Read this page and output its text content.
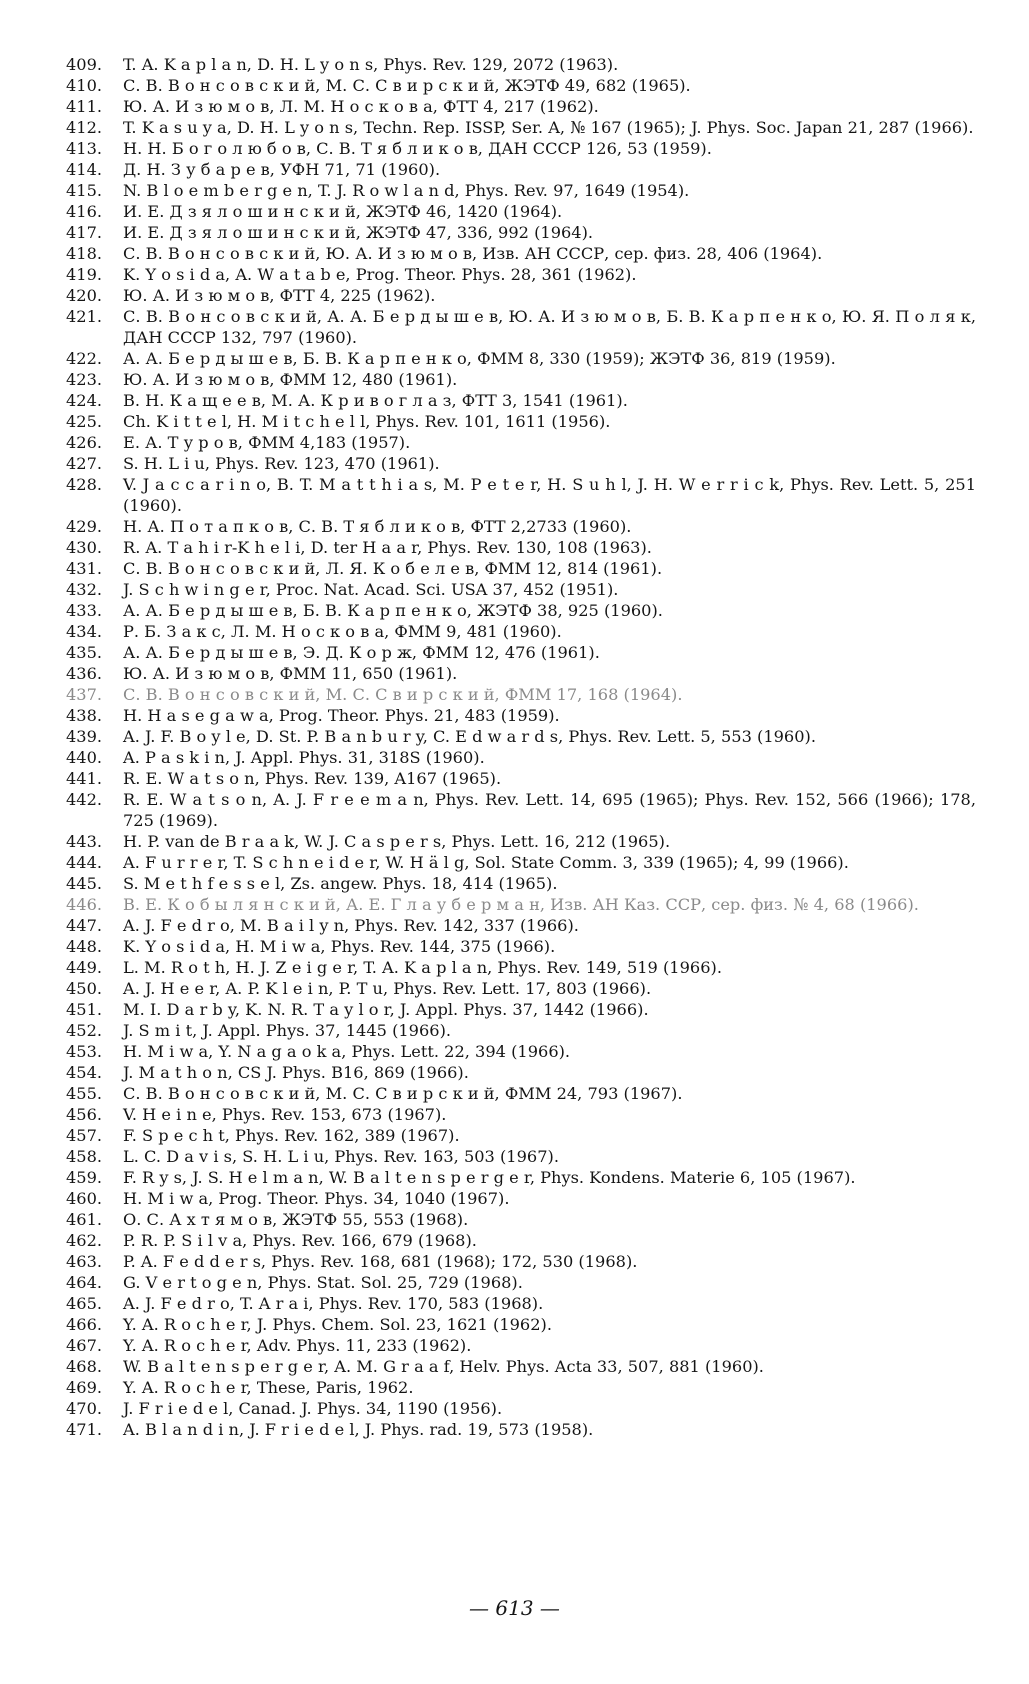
409.	T. A. K a p l a n, D. H. L y o n s, Phys. Rev. 129, 2072 (1963).
410.	С. В. В о н с о в с к и й, М. С. С в и р с к и й, ЖЭТФ 49, 682 (1965).
411.	Ю. А. И з ю м о в, Л. М. Н о с к о в а, ФТТ 4, 217 (1962).
412.	T. K a s u y a, D. H. L y o n s, Techn. Rep. ISSP, Ser. A, № 167 (1965); J. Phys. Soc. Japan 21, 287 (1966).
413.	Н. Н. Б о г о л ю б о в, С. В. Т я б л и к о в, ДАН СССР 126, 53 (1959).
414.	Д. Н. З у б а р е в, УФН 71, 71 (1960).
415.	N. B l o e m b e r g e n, T. J. R o w l a n d, Phys. Rev. 97, 1649 (1954).
416.	И. Е. Д з я л о ш и н с к и й, ЖЭТФ 46, 1420 (1964).
417.	И. Е. Д з я л о ш и н с к и й, ЖЭТФ 47, 336, 992 (1964).
418.	С. В. В о н с о в с к и й, Ю. А. И з ю м о в, Изв. АН СССР, сер. физ. 28, 406 (1964).
419.	K. Y o s i d a, A. W a t a b e, Prog. Theor. Phys. 28, 361 (1962).
420.	Ю. А. И з ю м о в, ФТТ 4, 225 (1962).
421.	С. В. В о н с о в с к и й, А. А. Б е р д ы ш е в, Ю. А. И з ю м о в, Б. В. К а р п е н к о, Ю. Я. П о л я к, ДАН СССР 132, 797 (1960).
422.	А. А. Б е р д ы ш е в, Б. В. К а р п е н к о, ФММ 8, 330 (1959); ЖЭТФ 36, 819 (1959).
423.	Ю. А. И з ю м о в, ФММ 12, 480 (1961).
424.	В. Н. К а щ е е в, М. А. К р и в о г л а з, ФТТ 3, 1541 (1961).
425.	Ch. K i t t e l, H. M i t c h e l l, Phys. Rev. 101, 1611 (1956).
426.	Е. А. Т у р о в, ФММ 4,183 (1957).
427.	S. H. L i u, Phys. Rev. 123, 470 (1961).
428.	V. J a c c a r i n o, B. T. M a t t h i a s, M. P e t e r, H. S u h l, J. H. W e r r i c k, Phys. Rev. Lett. 5, 251 (1960).
429.	Н. А. П о т а п к о в, С. В. Т я б л и к о в, ФТТ 2,2733 (1960).
430.	R. A. T a h i r-K h e l i, D. ter H a a r, Phys. Rev. 130, 108 (1963).
431.	С. В. В о н с о в с к и й, Л. Я. К о б е л е в, ФММ 12, 814 (1961).
432.	J. S c h w i n g e r, Proc. Nat. Acad. Sci. USA 37, 452 (1951).
433.	А. А. Б е р д ы ш е в, Б. В. К а р п е н к о, ЖЭТФ 38, 925 (1960).
434.	Р. Б. З а к с, Л. М. Н о с к о в а, ФММ 9, 481 (1960).
435.	А. А. Б е р д ы ш е в, Э. Д. К о р ж, ФММ 12, 476 (1961).
436.	Ю. А. И з ю м о в, ФММ 11, 650 (1961).
437.	С. В. В о н с о в с к и й, М. С. С в и р с к и й, ФММ 17, 168 (1964).
438.	H. H a s e g a w a, Prog. Theor. Phys. 21, 483 (1959).
439.	A. J. F. B o y l e, D. St. P. B a n b u r y, C. E d w a r d s, Phys. Rev. Lett. 5, 553 (1960).
440.	A. P a s k i n, J. Appl. Phys. 31, 318S (1960).
441.	R. E. W a t s o n, Phys. Rev. 139, A167 (1965).
442.	R. E. W a t s o n, A. J. F r e e m a n, Phys. Rev. Lett. 14, 695 (1965); Phys. Rev. 152, 566 (1966); 178, 725 (1969).
443.	H. P. van de B r a a k, W. J. C a s p e r s, Phys. Lett. 16, 212 (1965).
444.	A. F u r r e r, T. S c h n e i d e r, W. H ä l g, Sol. State Comm. 3, 339 (1965); 4, 99 (1966).
445.	S. M e t h f e s s e l, Zs. angew. Phys. 18, 414 (1965).
446.	В. Е. К о б ы л я н с к и й, А. Е. Г л а у б е р м а н, Изв. АН Каз. ССР, сер. физ. № 4, 68 (1966).
447.	A. J. F e d r o, M. B a i l y n, Phys. Rev. 142, 337 (1966).
448.	K. Y o s i d a, H. M i w a, Phys. Rev. 144, 375 (1966).
449.	L. M. R o t h, H. J. Z e i g e r, T. A. K a p l a n, Phys. Rev. 149, 519 (1966).
450.	A. J. H e e r, A. P. K l e i n, P. T u, Phys. Rev. Lett. 17, 803 (1966).
451.	M. I. D a r b y, K. N. R. T a y l o r, J. Appl. Phys. 37, 1442 (1966).
452.	J. S m i t, J. Appl. Phys. 37, 1445 (1966).
453.	H. M i w a, Y. N a g a o k a, Phys. Lett. 22, 394 (1966).
454.	J. M a t h o n, CS J. Phys. B16, 869 (1966).
455.	С. В. В о н с о в с к и й, М. С. С в и р с к и й, ФММ 24, 793 (1967).
456.	V. H e i n e, Phys. Rev. 153, 673 (1967).
457.	F. S p e c h t, Phys. Rev. 162, 389 (1967).
458.	L. C. D a v i s, S. H. L i u, Phys. Rev. 163, 503 (1967).
459.	F. R y s, J. S. H e l m a n, W. B a l t e n s p e r g e r, Phys. Kondens. Materie 6, 105 (1967).
460.	H. M i w a, Prog. Theor. Phys. 34, 1040 (1967).
461.	О. С. А х т я м о в, ЖЭТФ 55, 553 (1968).
462.	P. R. P. S i l v a, Phys. Rev. 166, 679 (1968).
463.	P. A. F e d d e r s, Phys. Rev. 168, 681 (1968); 172, 530 (1968).
464.	G. V e r t o g e n, Phys. Stat. Sol. 25, 729 (1968).
465.	A. J. F e d r o, T. A r a i, Phys. Rev. 170, 583 (1968).
466.	Y. A. R o c h e r, J. Phys. Chem. Sol. 23, 1621 (1962).
467.	Y. A. R o c h e r, Adv. Phys. 11, 233 (1962).
468.	W. B a l t e n s p e r g e r, A. M. G r a a f, Helv. Phys. Acta 33, 507, 881 (1960).
469.	Y. A. R o c h e r, These, Paris, 1962.
470.	J. F r i e d e l, Canad. J. Phys. 34, 1190 (1956).
471.	A. B l a n d i n, J. F r i e d e l, J. Phys. rad. 19, 573 (1958).
— 613 —
